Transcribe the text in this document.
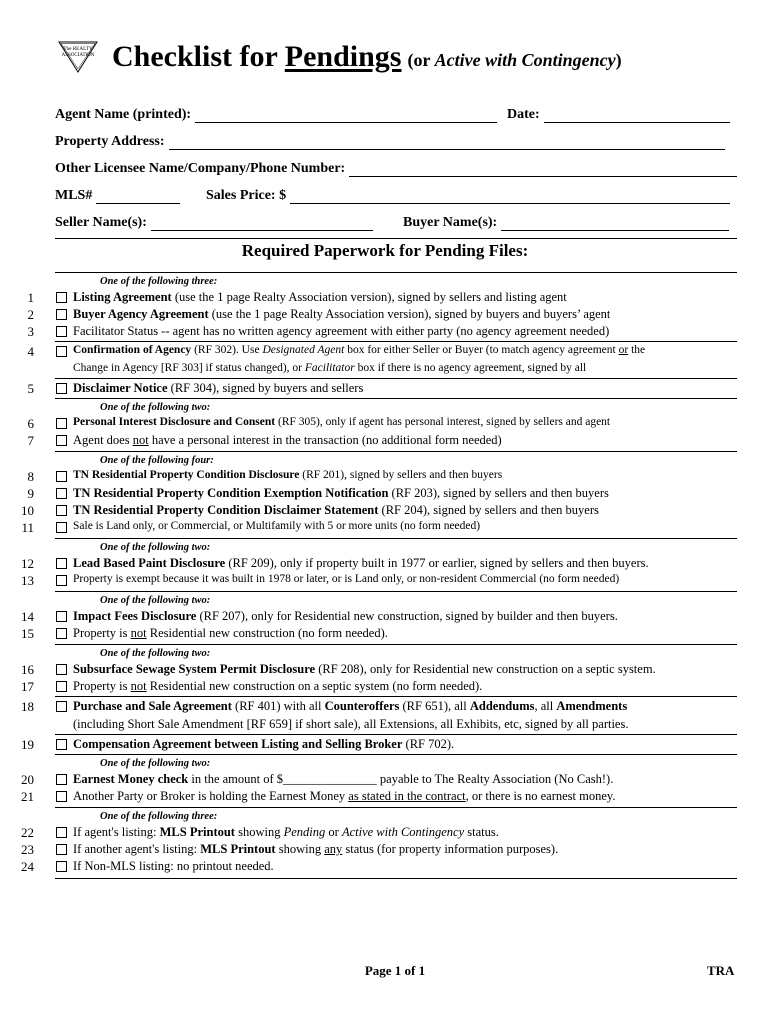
The REALTY
ASSOCIATION Checklist for Pendings (or Active with Contingency)
Agent Name (printed):	Date:
Property Address:
Other Licensee Name/Company/Phone Number:
MLS#	Sales Price: $
Seller Name(s):	Buyer Name(s):
Required Paperwork for Pending Files:
One of the following three:
1	Listing Agreement (use the 1 page Realty Association version), signed by sellers and listing agent
2	Buyer Agency Agreement (use the 1 page Realty Association version), signed by buyers and buyers’ agent
3	Facilitator Status -- agent has no written agency agreement with either party (no agency agreement needed)
4	Confirmation of Agency (RF 302). Use Designated Agent box for either Seller or Buyer (to match agency agreement or the
Change in Agency [RF 303] if status changed), or Facilitator box if there is no agency agreement, signed by all
5	Disclaimer Notice (RF 304), signed by buyers and sellers
One of the following two:
6	Personal Interest Disclosure and Consent (RF 305), only if agent has personal interest, signed by sellers and agent
7	Agent does not have a personal interest in the transaction (no additional form needed)
One of the following four:
8	TN Residential Property Condition Disclosure (RF 201), signed by sellers and then buyers
9	TN Residential Property Condition Exemption Notification (RF 203), signed by sellers and then buyers
10	TN Residential Property Condition Disclaimer Statement (RF 204), signed by sellers and then buyers
11	Sale is Land only, or Commercial, or Multifamily with 5 or more units (no form needed)
One of the following two:
12	Lead Based Paint Disclosure (RF 209), only if property built in 1977 or earlier, signed by sellers and then buyers.
13	Property is exempt because it was built in 1978 or later, or is Land only, or non-resident Commercial (no form needed)
One of the following two:
14	Impact Fees Disclosure (RF 207), only for Residential new construction, signed by builder and then buyers.
15	Property is not Residential new construction (no form needed).
One of the following two:
16	Subsurface Sewage System Permit Disclosure (RF 208), only for Residential new construction on a septic system.
17	Property is not Residential new construction on a septic system (no form needed).
18	Purchase and Sale Agreement (RF 401) with all Counteroffers (RF 651), all Addendums, all Amendments
(including Short Sale Amendment [RF 659] if short sale), all Extensions, all Exhibits, etc, signed by all parties.
19	Compensation Agreement between Listing and Selling Broker (RF 702).
One of the following two:
20	Earnest Money check in the amount of $_______________ payable to The Realty Association (No Cash!).
21	Another Party or Broker is holding the Earnest Money as stated in the contract, or there is no earnest money.
One of the following three:
22	If agent's listing: MLS Printout showing Pending or Active with Contingency status.
23	If another agent's listing: MLS Printout showing any status (for property information purposes).
24	If Non-MLS listing: no printout needed.
Page 1 of 1	TRA
